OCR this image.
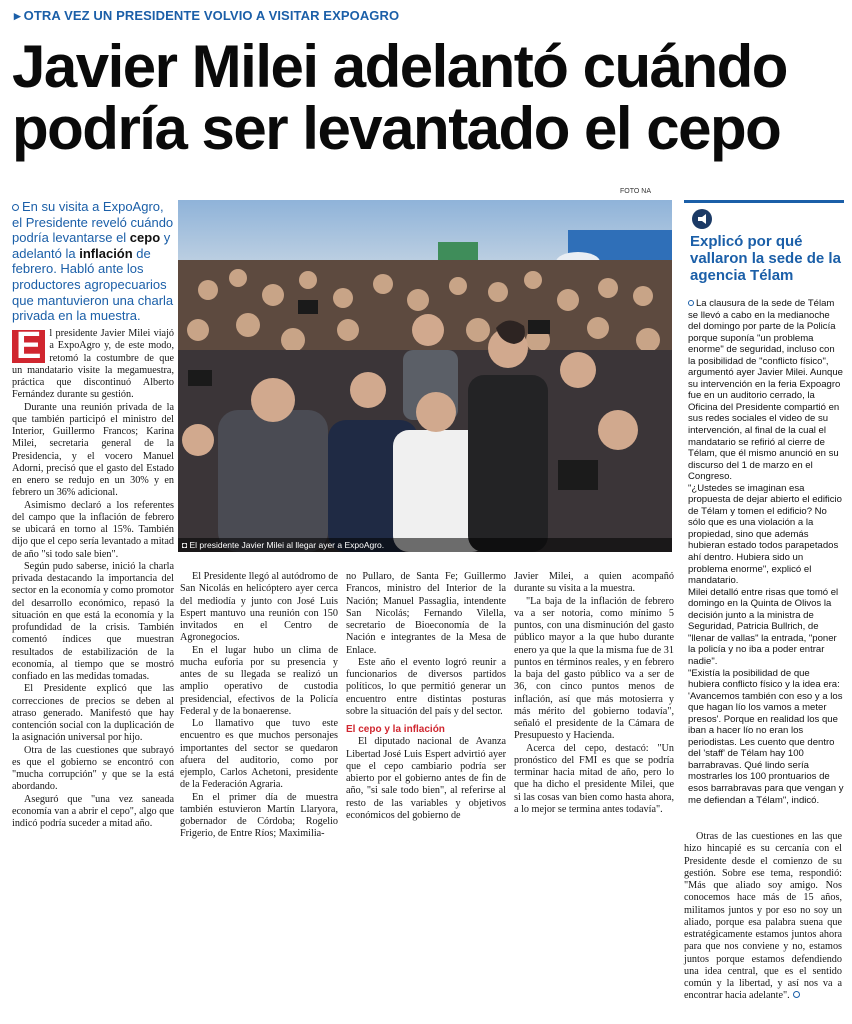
▸ OTRA VEZ UN PRESIDENTE VOLVIO A VISITAR EXPOAGRO
Javier Milei adelantó cuándo podría ser levantado el cepo
FOTO NA
En su visita a ExpoAgro, el Presidente reveló cuándo podría levantarse el cepo y adelantó la inflación de febrero. Habló ante los productores agropecuarios que mantuvieron una charla privada en la muestra.
◘ El presidente Javier Milei al llegar ayer a ExpoAgro.

E l presidente Javier Milei viajó a ExpoAgro y, de este modo, retomó la costumbre de que un mandatario visite la megamuestra, práctica que discontinuó Alberto Fernández durante su gestión.

Durante una reunión privada de la que también participó el ministro del Interior, Guillermo Francos; Karina Milei, secretaria general de la Presidencia, y el vocero Manuel Adorni, precisó que el gasto del Estado en enero se redujo en un 30% y en febrero un 36% adicional.

Asimismo declaró a los referentes del campo que la inflación de febrero se ubicará en torno al 15%. También dijo que el cepo sería levantado a mitad de año "si todo sale bien".

Según pudo saberse, inició la charla privada destacando la importancia del sector en la economía y como promotor del desarrollo económico, repasó la situación en que está la economía y la profundidad de la crisis. También comentó índices que muestran resultados de estabilización de la economía, al tiempo que se mostró confiado en las medidas tomadas.

El Presidente explicó que las correcciones de precios se deben al atraso generado. Manifestó que hay contención social con la duplicación de la asignación universal por hijo.

Otra de las cuestiones que subrayó es que el gobierno se encontró con "mucha corrupción" y que se la está abordando.

Aseguró que "una vez saneada economía van a abrir el cepo", algo que indicó podría suceder a mitad año.

El Presidente llegó al autódromo de San Nicolás en helicóptero ayer cerca del mediodía y junto con José Luis Espert mantuvo una reunión con 150 invitados en el Centro de Agronegocios.

En el lugar hubo un clima de mucha euforia por su presencia y antes de su llegada se realizó un amplio operativo de custodia presidencial, efectivos de la Policía Federal y de la bonaerense.

Lo llamativo que tuvo este encuentro es que muchos personajes importantes del sector se quedaron afuera del auditorio, como por ejemplo, Carlos Achetoni, presidente de la Federación Agraria.

En el primer día de muestra también estuvieron Martín Llaryora, gobernador de Córdoba; Rogelio Frigerio, de Entre Ríos; Maximilia-

no Pullaro, de Santa Fe; Guillermo Francos, ministro del Interior de la Nación; Manuel Passaglia, intendente San Nicolás; Fernando Vilella, secretario de Bioeconomía de la Nación e integrantes de la Mesa de Enlace.

Este año el evento logró reunir a funcionarios de diversos partidos políticos, lo que permitió generar un encuentro entre distintas posturas sobre la situación del país y del sector.

El cepo y la inflación

El diputado nacional de Avanza Libertad José Luis Espert advirtió ayer que el cepo cambiario podría ser abierto por el gobierno antes de fin de año, "si sale todo bien", al referirse al resto de las variables y objetivos económicos del gobierno de

Javier Milei, a quien acompañó durante su visita a la muestra.

"La baja de la inflación de febrero va a ser notoria, como mínimo 5 puntos, con una disminución del gasto público mayor a la que hubo durante enero ya que la que la misma fue de 31 puntos en términos reales, y en febrero la baja del gasto público va a ser de 36, con cinco puntos menos de inflación, así que más motosierra y más mérito del gobierno todavía", señaló el presidente de la Cámara de Presupuesto y Hacienda.

Acerca del cepo, destacó: "Un pronóstico del FMI es que se podría terminar hacia mitad de año, pero lo que ha dicho el presidente Milei, que si las cosas van bien como hasta ahora, a lo mejor se termina antes todavía".

Explicó por qué vallaron la sede de la agencia Télam

La clausura de la sede de Télam se llevó a cabo en la medianoche del domingo por parte de la Policía porque suponía "un problema enorme" de seguridad, incluso con la posibilidad de "conflicto físico", argumentó ayer Javier Milei. Aunque su intervención en la feria Expoagro fue en un auditorio cerrado, la Oficina del Presidente compartió en sus redes sociales el video de su intervención, al final de la cual el mandatario se refirió al cierre de Télam, que él mismo anunció en su discurso del 1 de marzo en el Congreso.

"¿Ustedes se imaginan esa propuesta de dejar abierto el edificio de Télam y tomen el edificio? No sólo que es una violación a la propiedad, sino que además hubieran estado todos parapetados ahí dentro. Hubiera sido un problema enorme", explicó el mandatario.

Milei detalló entre risas que tomó el domingo en la Quinta de Olivos la decisión junto a la ministra de Seguridad, Patricia Bullrich, de "llenar de vallas" la entrada, "poner la policía y no iba a poder entrar nadie".

"Existía la posibilidad de que hubiera conflicto físico y la idea era: 'Avancemos también con eso y a los que hagan lío los vamos a meter presos'. Porque en realidad los que iban a hacer lío no eran los periodistas. Les cuento que dentro del 'staff' de Télam hay 100 barrabravas. Qué lindo sería mostrarles los 100 prontuarios de esos barrabravas para que vengan y me defiendan a Télam", indicó.

Otras de las cuestiones en las que hizo hincapié es su cercanía con el Presidente desde el comienzo de su gestión. Sobre ese tema, respondió: "Más que aliado soy amigo. Nos conocemos hace más de 15 años, militamos juntos y por eso no soy un aliado, porque esa palabra suena que estratégicamente estamos juntos ahora para que nos conviene y no, estamos juntos porque estamos defendiendo una idea central, que es el sentido común y la libertad, y así nos va a encontrar hacia adelante".
